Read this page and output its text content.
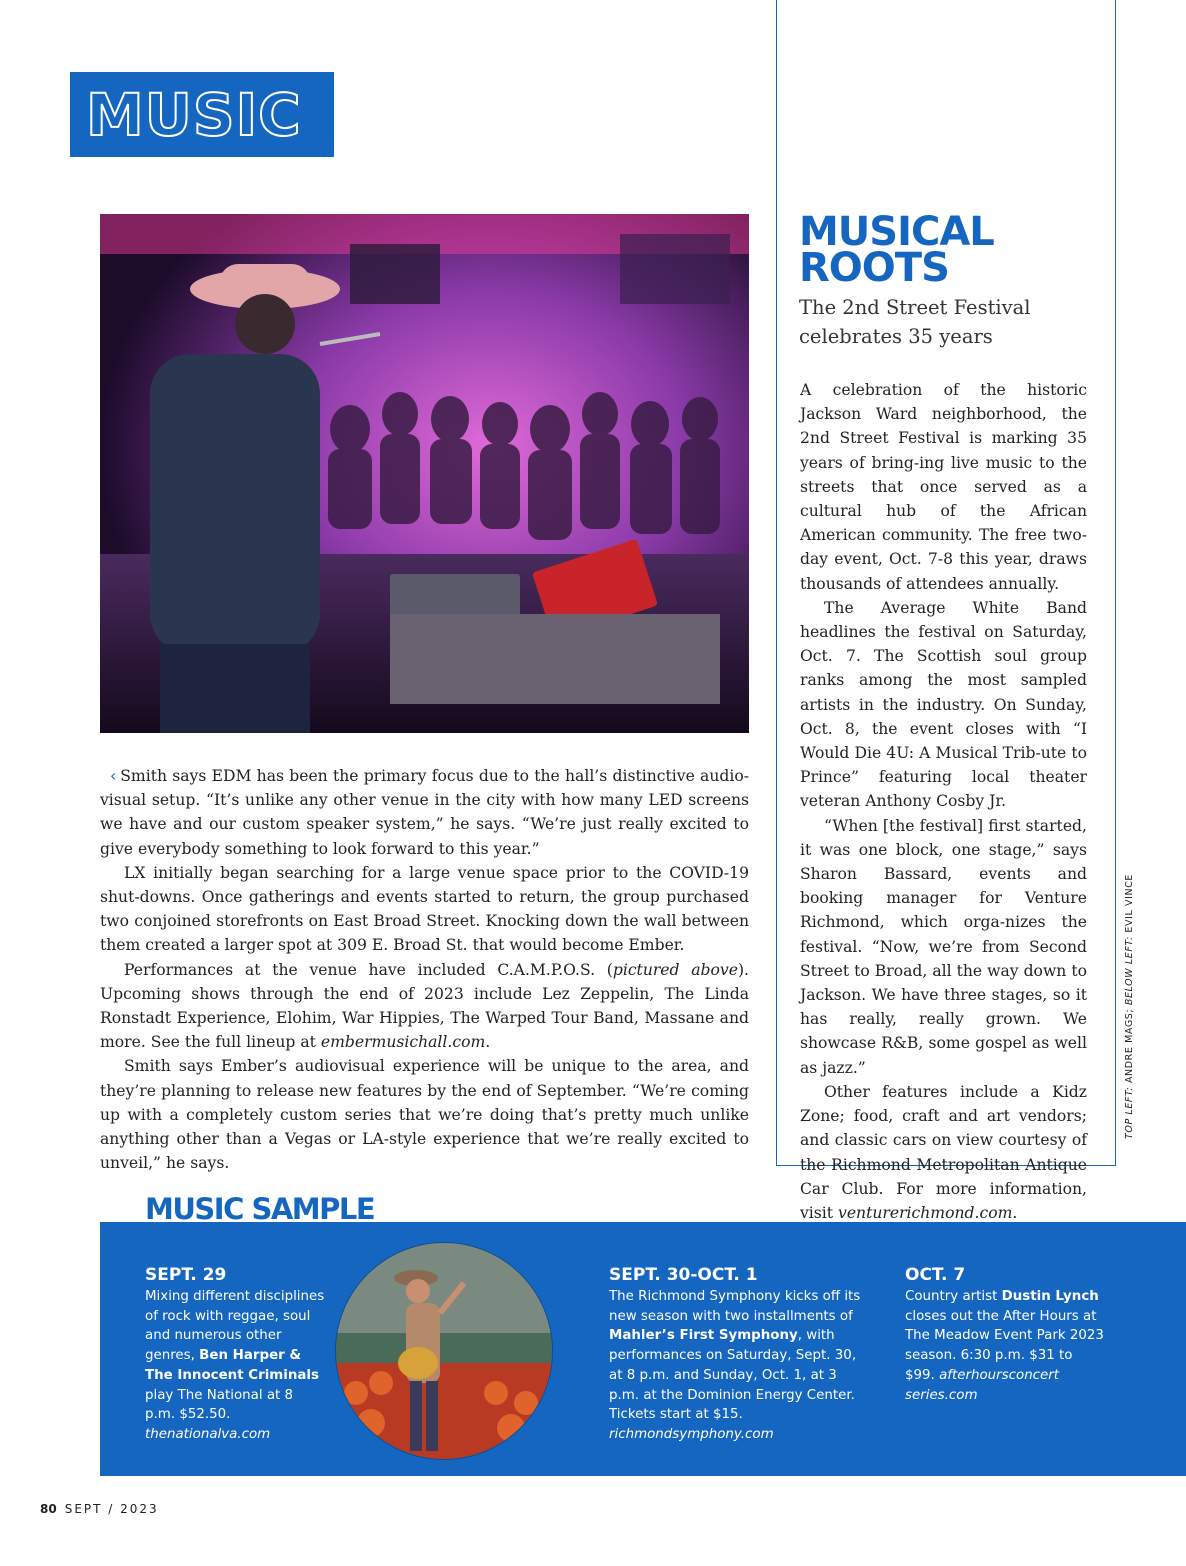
MUSIC

‹ Smith says EDM has been the primary focus due to the hall’s distinctive audio-visual setup. “It’s unlike any other venue in the city with how many LED screens we have and our custom speaker system,” he says. “We’re just really excited to give everybody something to look forward to this year.”

LX initially began searching for a large venue space prior to the COVID-19 shut-downs. Once gatherings and events started to return, the group purchased two conjoined storefronts on East Broad Street. Knocking down the wall between them created a larger spot at 309 E. Broad St. that would become Ember.

Performances at the venue have included C.A.M.P.O.S. (pictured above). Upcoming shows through the end of 2023 include Lez Zeppelin, The Linda Ronstadt Experience, Elohim, War Hippies, The Warped Tour Band, Massane and more. See the full lineup at embermusichall.com.

Smith says Ember’s audiovisual experience will be unique to the area, and they’re planning to release new features by the end of September. “We’re coming up with a completely custom series that we’re doing that’s pretty much unlike anything other than a Vegas or LA-style experience that we’re really excited to unveil,” he says.

MUSICAL
ROOTS
The 2nd Street Festival
celebrates 35 years

A celebration of the historic Jackson Ward neighborhood, the 2nd Street Festival is marking 35 years of bring-ing live music to the streets that once served as a cultural hub of the African American community. The free two-day event, Oct. 7-8 this year, draws thousands of attendees annually.

The Average White Band headlines the festival on Saturday, Oct. 7. The Scottish soul group ranks among the most sampled artists in the industry. On Sunday, Oct. 8, the event closes with “I Would Die 4U: A Musical Trib-ute to Prince” featuring local theater veteran Anthony Cosby Jr.

“When [the festival] first started, it was one block, one stage,” says Sharon Bassard, events and booking manager for Venture Richmond, which orga-nizes the festival. “Now, we’re from Second Street to Broad, all the way down to Jackson. We have three stages, so it has really, really grown. We showcase R&B, some gospel as well as jazz.”

Other features include a Kidz Zone; food, craft and art vendors; and classic cars on view courtesy of the Richmond Metropolitan Antique Car Club. For more information, visit venturerichmond.com.

TOP LEFT: ANDRE MAGS; BELOW LEFT: EVIL VINCE
MUSIC SAMPLE
SEPT. 29
Mixing different disciplines of rock with reggae, soul and numerous other genres, Ben Harper & The Innocent Criminals play The National at 8 p.m. $52.50. thenationalva.com
SEPT. 30-OCT. 1
The Richmond Symphony kicks off its new season with two installments of Mahler’s First Symphony, with performances on Saturday, Sept. 30, at 8 p.m. and Sunday, Oct. 1, at 3 p.m. at the Dominion Energy Center. Tickets start at $15. richmondsymphony.com
OCT. 7
Country artist Dustin Lynch closes out the After Hours at The Meadow Event Park 2023 season. 6:30 p.m. $31 to $99. afterhoursconcert series.com
80 SEPT / 2023
